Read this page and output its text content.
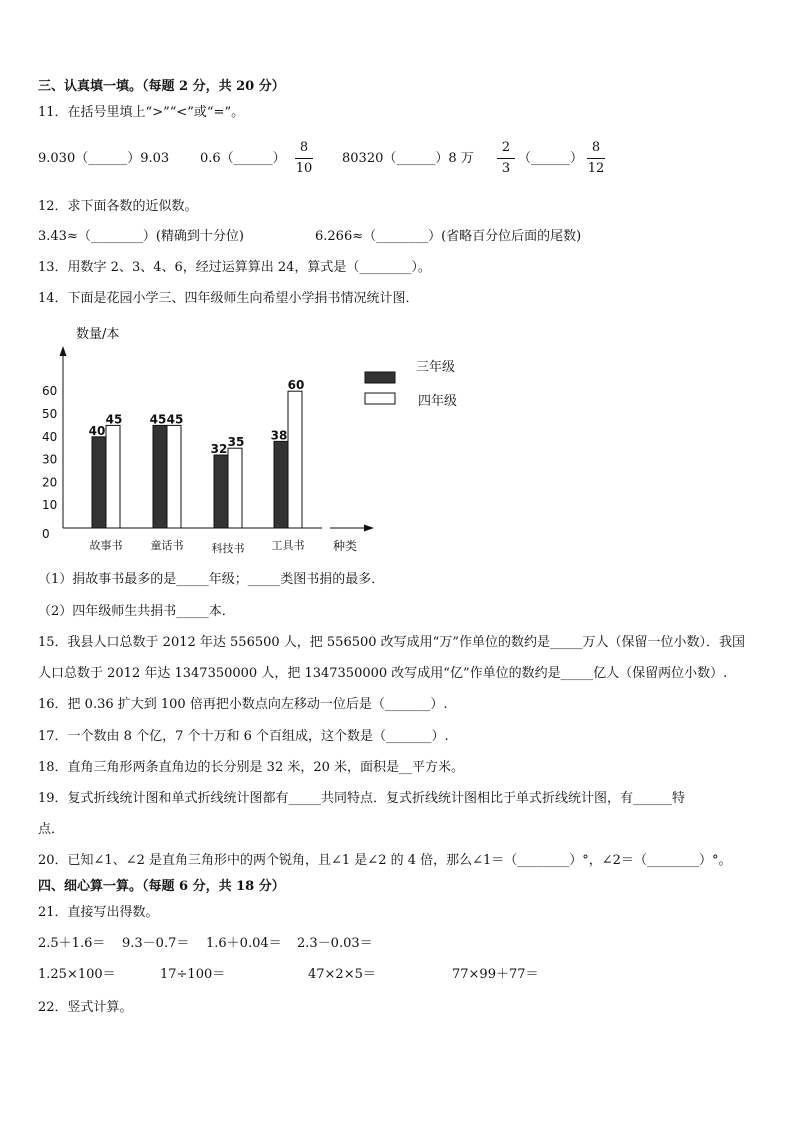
三、认真填一填。（每题 2 分，共 20 分）
11．在括号里填上“>”“<”或“=”。
9.030（______）9.03 0.6（______）
8
10
80320（______）8 万
2
3
（______）
8
12
12．求下面各数的近似数。
3.43≈（________）(精确到十分位)	6.266≈（________）(省略百分位后面的尾数)
13．用数字 2、3、4、6，经过运算算出 24，算式是（________）。
14．下面是花园小学三、四年级师生向希望小学捐书情况统计图．
数量/本
种类
0
10
20
30
40
50
60
40
45
故事书
45 45
童话书
32 35
科技书
38
60
工具书
三年级
四年级
（1）捐故事书最多的是_____年级；_____类图书捐的最多．
（2）四年级师生共捐书_____本．
15．我县人口总数于 2012 年达 556500 人，把 556500 改写成用“万”作单位的数约是_____万人（保留一位小数）．我国
人口总数于 2012 年达 1347350000 人，把 1347350000 改写成用“亿”作单位的数约是_____亿人（保留两位小数）.
16．把 0.36 扩大到 100 倍再把小数点向左移动一位后是（_______）.
17．一个数由 8 个亿，7 个十万和 6 个百组成，这个数是（_______）.
18．直角三角形两条直角边的长分别是 32 米，20 米，面积是__平方米。
19．复式折线统计图和单式折线统计图都有_____共同特点．复式折线统计图相比于单式折线统计图，有______特
点．
20．已知∠1、∠2 是直角三角形中的两个锐角，且∠1 是∠2 的 4 倍，那么∠1＝（________）°，∠2＝（________）°。
四、细心算一算。（每题 6 分，共 18 分）
21．直接写出得数。
2.5＋1.6＝ 9.3－0.7＝ 1.6＋0.04＝ 2.3－0.03＝
1.25×100＝	17÷100＝	47×2×5＝	77×99＋77＝
22．竖式计算。
